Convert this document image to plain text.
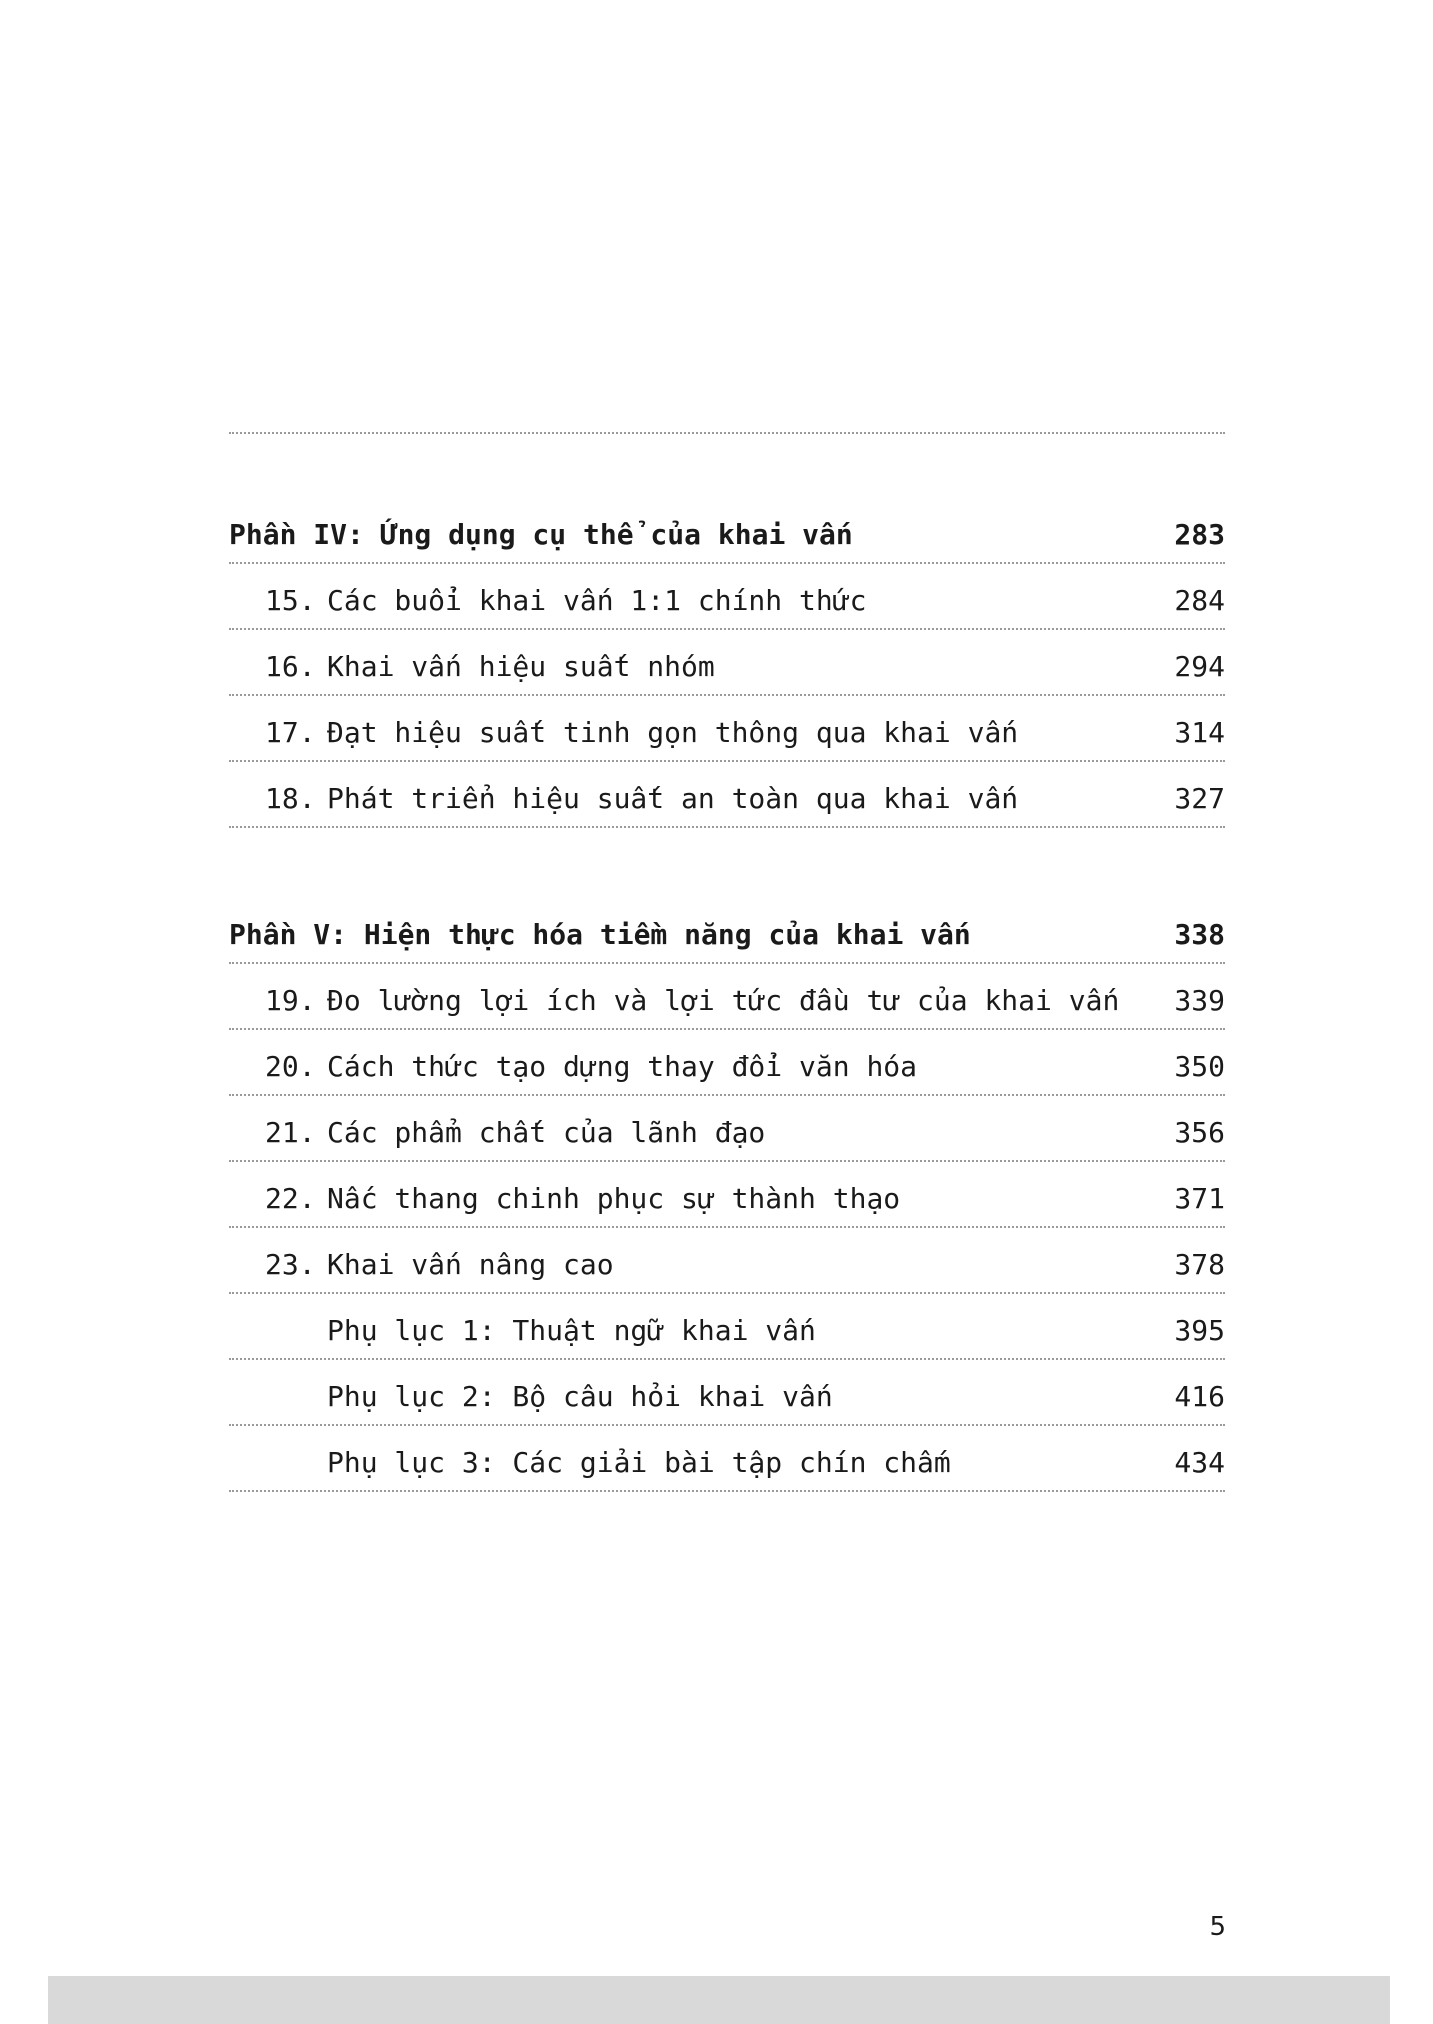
Phần IV: Ứng dụng cụ thể của khai vấn	283
15. Các buổi khai vấn 1:1 chính thức	284
16. Khai vấn hiệu suất nhóm	294
17. Đạt hiệu suất tinh gọn thông qua khai vấn	314
18. Phát triển hiệu suất an toàn qua khai vấn	327
Phần V: Hiện thực hóa tiềm năng của khai vấn	338
19. Đo lường lợi ích và lợi tức đầu tư của khai vấn 339
20. Cách thức tạo dựng thay đổi văn hóa	350
21. Các phẩm chất của lãnh đạo	356
22. Nấc thang chinh phục sự thành thạo	371
23. Khai vấn nâng cao	378
Phụ lục 1: Thuật ngữ khai vấn	395
Phụ lục 2: Bộ câu hỏi khai vấn	416
Phụ lục 3: Các giải bài tập chín chấm	434
5
